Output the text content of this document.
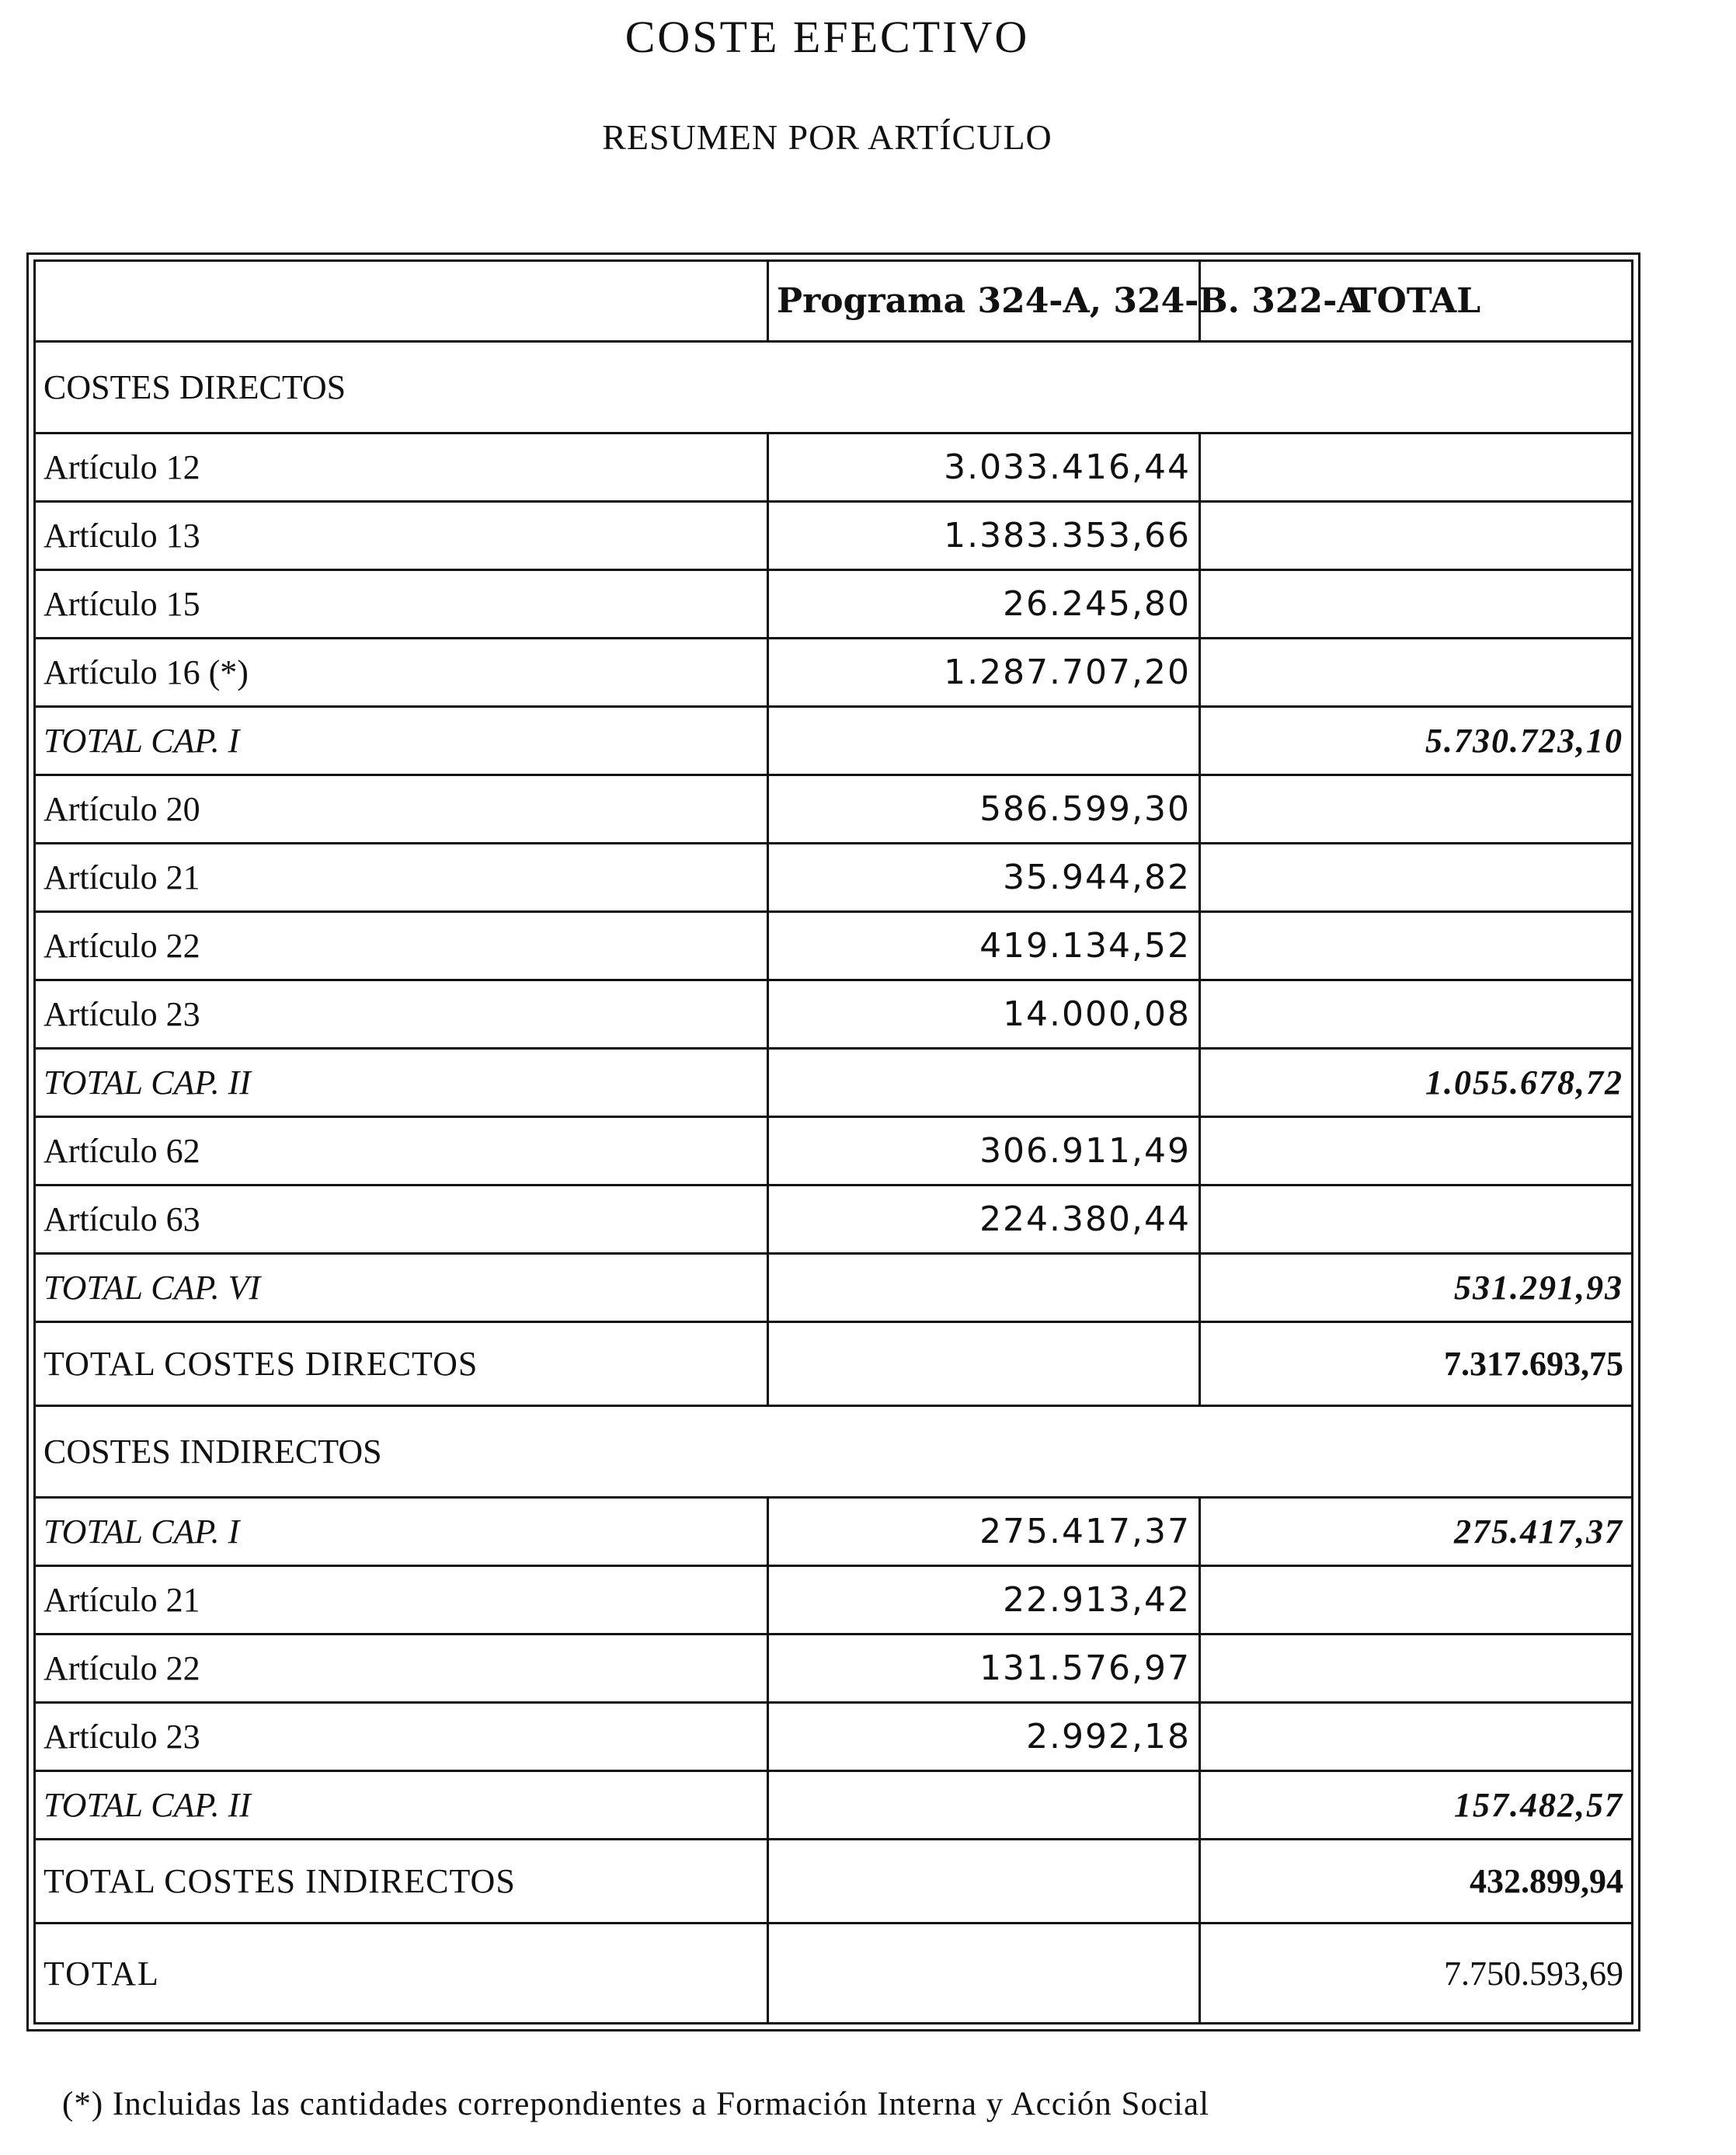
COSTE EFECTIVO
RESUMEN POR ARTÍCULO
	Programa 324-A, 324-B. 322-A	TOTAL
COSTES DIRECTOS		
Artículo 12	3.033.416,44	
Artículo 13	1.383.353,66	
Artículo 15	26.245,80	
Artículo 16 (*)	1.287.707,20	
TOTAL CAP. I		5.730.723,10
Artículo 20	586.599,30	
Artículo 21	35.944,82	
Artículo 22	419.134,52	
Artículo 23	14.000,08	
TOTAL CAP. II		1.055.678,72
Artículo 62	306.911,49	
Artículo 63	224.380,44	
TOTAL CAP. VI		531.291,93
TOTAL COSTES DIRECTOS		7.317.693,75
COSTES INDIRECTOS		
TOTAL CAP. I	275.417,37	275.417,37
Artículo 21	22.913,42	
Artículo 22	131.576,97	
Artículo 23	2.992,18	
TOTAL CAP. II		157.482,57
TOTAL COSTES INDIRECTOS		432.899,94
TOTAL		7.750.593,69
(*) Incluidas las cantidades correpondientes a Formación Interna y Acción Social
